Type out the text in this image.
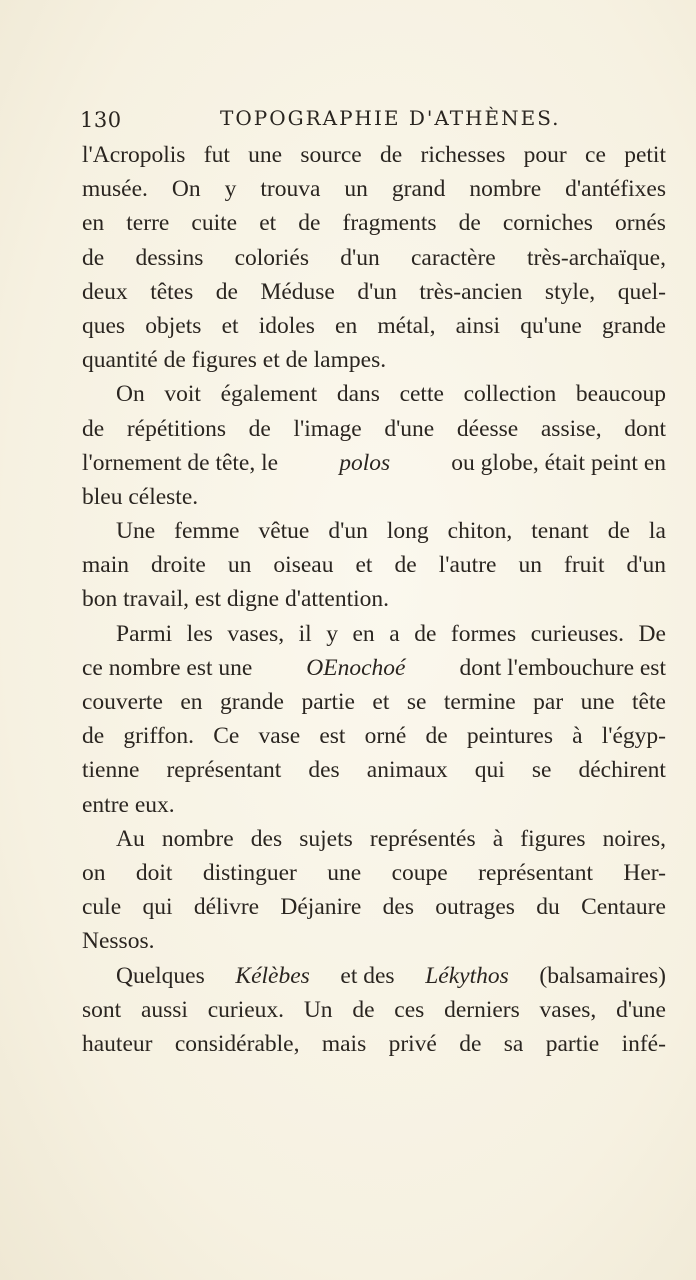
130	TOPOGRAPHIE D'ATHÈNES.
l'Acropolis fut une source de richesses pour ce petit
musée. On y trouva un grand nombre d'antéfixes
en terre cuite et de fragments de corniches ornés
de dessins coloriés d'un caractère très-archaïque,
deux têtes de Méduse d'un très-ancien style, quel-
ques objets et idoles en métal, ainsi qu'une grande
quantité de figures et de lampes.
On voit également dans cette collection beaucoup
de répétitions de l'image d'une déesse assise, dont
l'ornement de tête, le	polos	ou globe, était peint en
bleu céleste.
Une femme vêtue d'un long chiton, tenant de la
main droite un oiseau et de l'autre un fruit d'un
bon travail, est digne d'attention.
Parmi les vases, il y en a de formes curieuses. De
ce nombre est une OEnochoé dont l'embouchure est
couverte en grande partie et se termine par une tête
de griffon. Ce vase est orné de peintures à l'égyp-
tienne représentant des animaux qui se déchirent
entre eux.
Au nombre des sujets représentés à figures noires,
on doit distinguer une coupe représentant Her-
cule qui délivre Déjanire des outrages du Centaure
Nessos.
Quelques Kélèbes et des Lékythos (balsamaires)
sont aussi curieux. Un de ces derniers vases, d'une
hauteur considérable, mais privé de sa partie infé-
